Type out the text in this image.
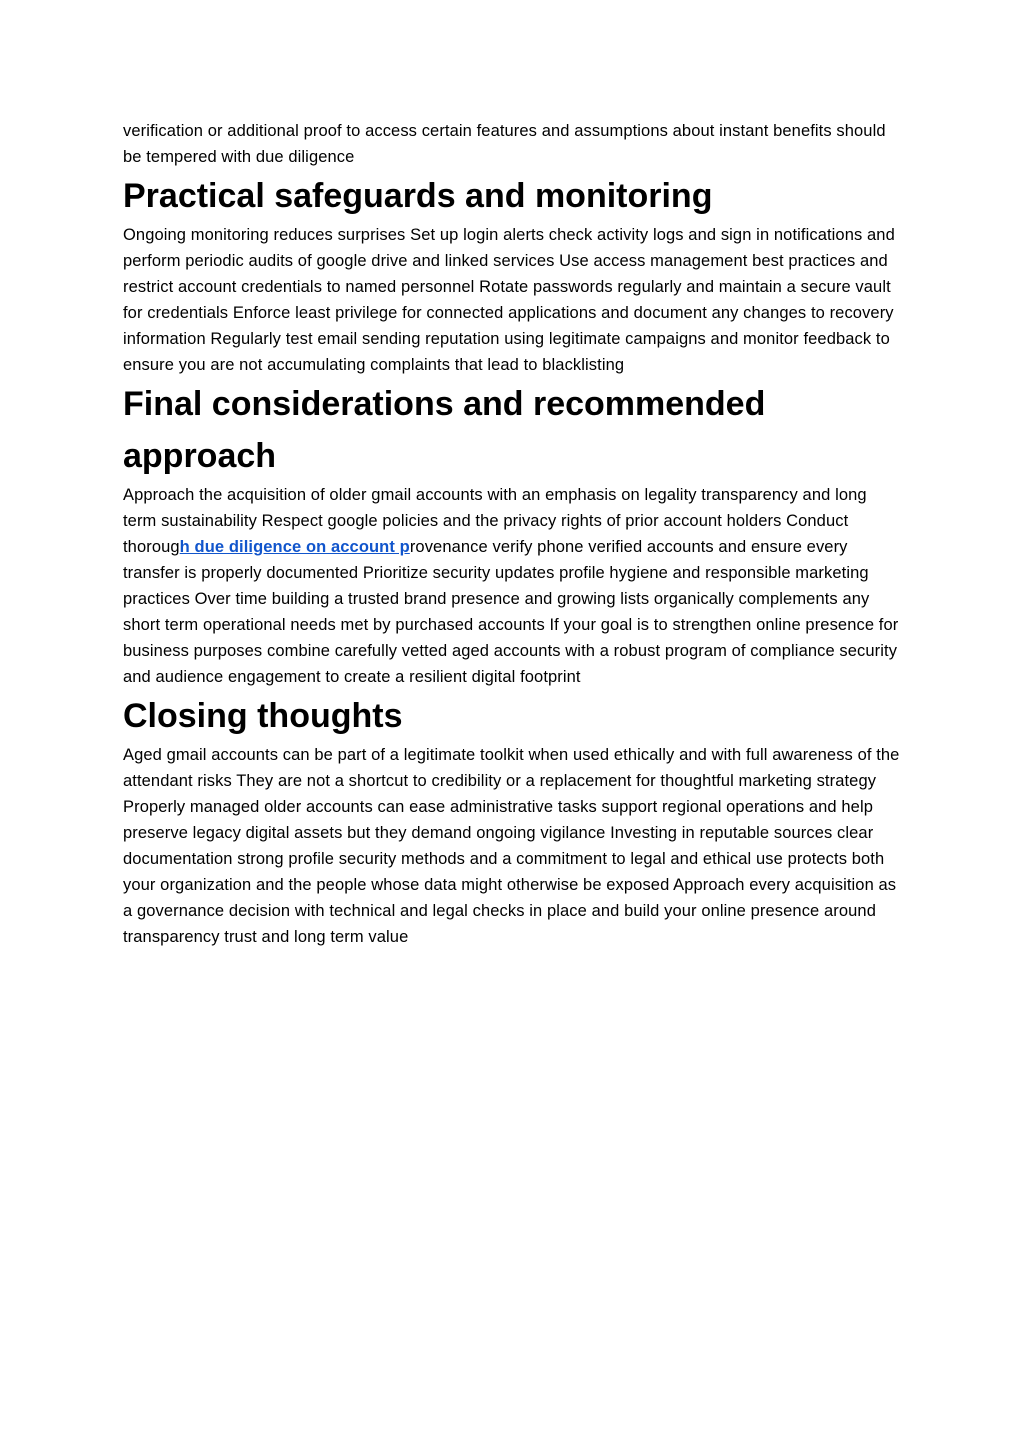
verification or additional proof to access certain features and assumptions about instant benefits should be tempered with due diligence

Practical safeguards and monitoring

Ongoing monitoring reduces surprises Set up login alerts check activity logs and sign in notifications and perform periodic audits of google drive and linked services Use access management best practices and restrict account credentials to named personnel Rotate passwords regularly and maintain a secure vault for credentials Enforce least privilege for connected applications and document any changes to recovery information Regularly test email sending reputation using legitimate campaigns and monitor feedback to ensure you are not accumulating complaints that lead to blacklisting

Final considerations and recommended approach

Approach the acquisition of older gmail accounts with an emphasis on legality transparency and long term sustainability Respect google policies and the privacy rights of prior account holders Conduct thorough due diligence on account provenance verify phone verified accounts and ensure every transfer is properly documented Prioritize security updates profile hygiene and responsible marketing practices Over time building a trusted brand presence and growing lists organically complements any short term operational needs met by purchased accounts If your goal is to strengthen online presence for business purposes combine carefully vetted aged accounts with a robust program of compliance security and audience engagement to create a resilient digital footprint

Closing thoughts

Aged gmail accounts can be part of a legitimate toolkit when used ethically and with full awareness of the attendant risks They are not a shortcut to credibility or a replacement for thoughtful marketing strategy Properly managed older accounts can ease administrative tasks support regional operations and help preserve legacy digital assets but they demand ongoing vigilance Investing in reputable sources clear documentation strong profile security methods and a commitment to legal and ethical use protects both your organization and the people whose data might otherwise be exposed Approach every acquisition as a governance decision with technical and legal checks in place and build your online presence around transparency trust and long term value
